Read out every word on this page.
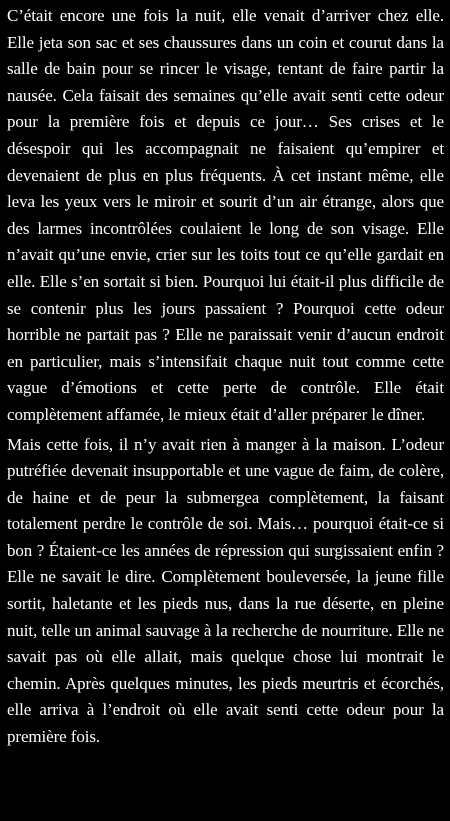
C’était encore une fois la nuit, elle venait d’arriver chez elle. Elle jeta son sac et ses chaussures dans un coin et courut dans la salle de bain pour se rincer le visage, tentant de faire partir la nausée. Cela faisait des semaines qu’elle avait senti cette odeur pour la première fois et depuis ce jour… Ses crises et le désespoir qui les accompagnait ne faisaient qu’empirer et devenaient de plus en plus fréquents. À cet instant même, elle leva les yeux vers le miroir et sourit d’un air étrange, alors que des larmes incontrôlées coulaient le long de son visage. Elle n’avait qu’une envie, crier sur les toits tout ce qu’elle gardait en elle. Elle s’en sortait si bien. Pourquoi lui était-il plus difficile de se contenir plus les jours passaient ? Pourquoi cette odeur horrible ne partait pas ? Elle ne paraissait venir d’aucun endroit en particulier, mais s’intensifait chaque nuit tout comme cette vague d’émotions et cette perte de contrôle. Elle était complètement affamée, le mieux était d’aller préparer le dîner.

Mais cette fois, il n’y avait rien à manger à la maison. L’odeur putréfiée devenait insupportable et une vague de faim, de colère, de haine et de peur la submergea complètement, la faisant totalement perdre le contrôle de soi. Mais… pourquoi était-ce si bon ? Étaient-ce les années de répression qui surgissaient enfin ? Elle ne savait le dire. Complètement bouleversée, la jeune fille sortit, haletante et les pieds nus, dans la rue déserte, en pleine nuit, telle un animal sauvage à la recherche de nourriture. Elle ne savait pas où elle allait, mais quelque chose lui montrait le chemin. Après quelques minutes, les pieds meurtris et écorchés, elle arriva à l’endroit où elle avait senti cette odeur pour la première fois.
